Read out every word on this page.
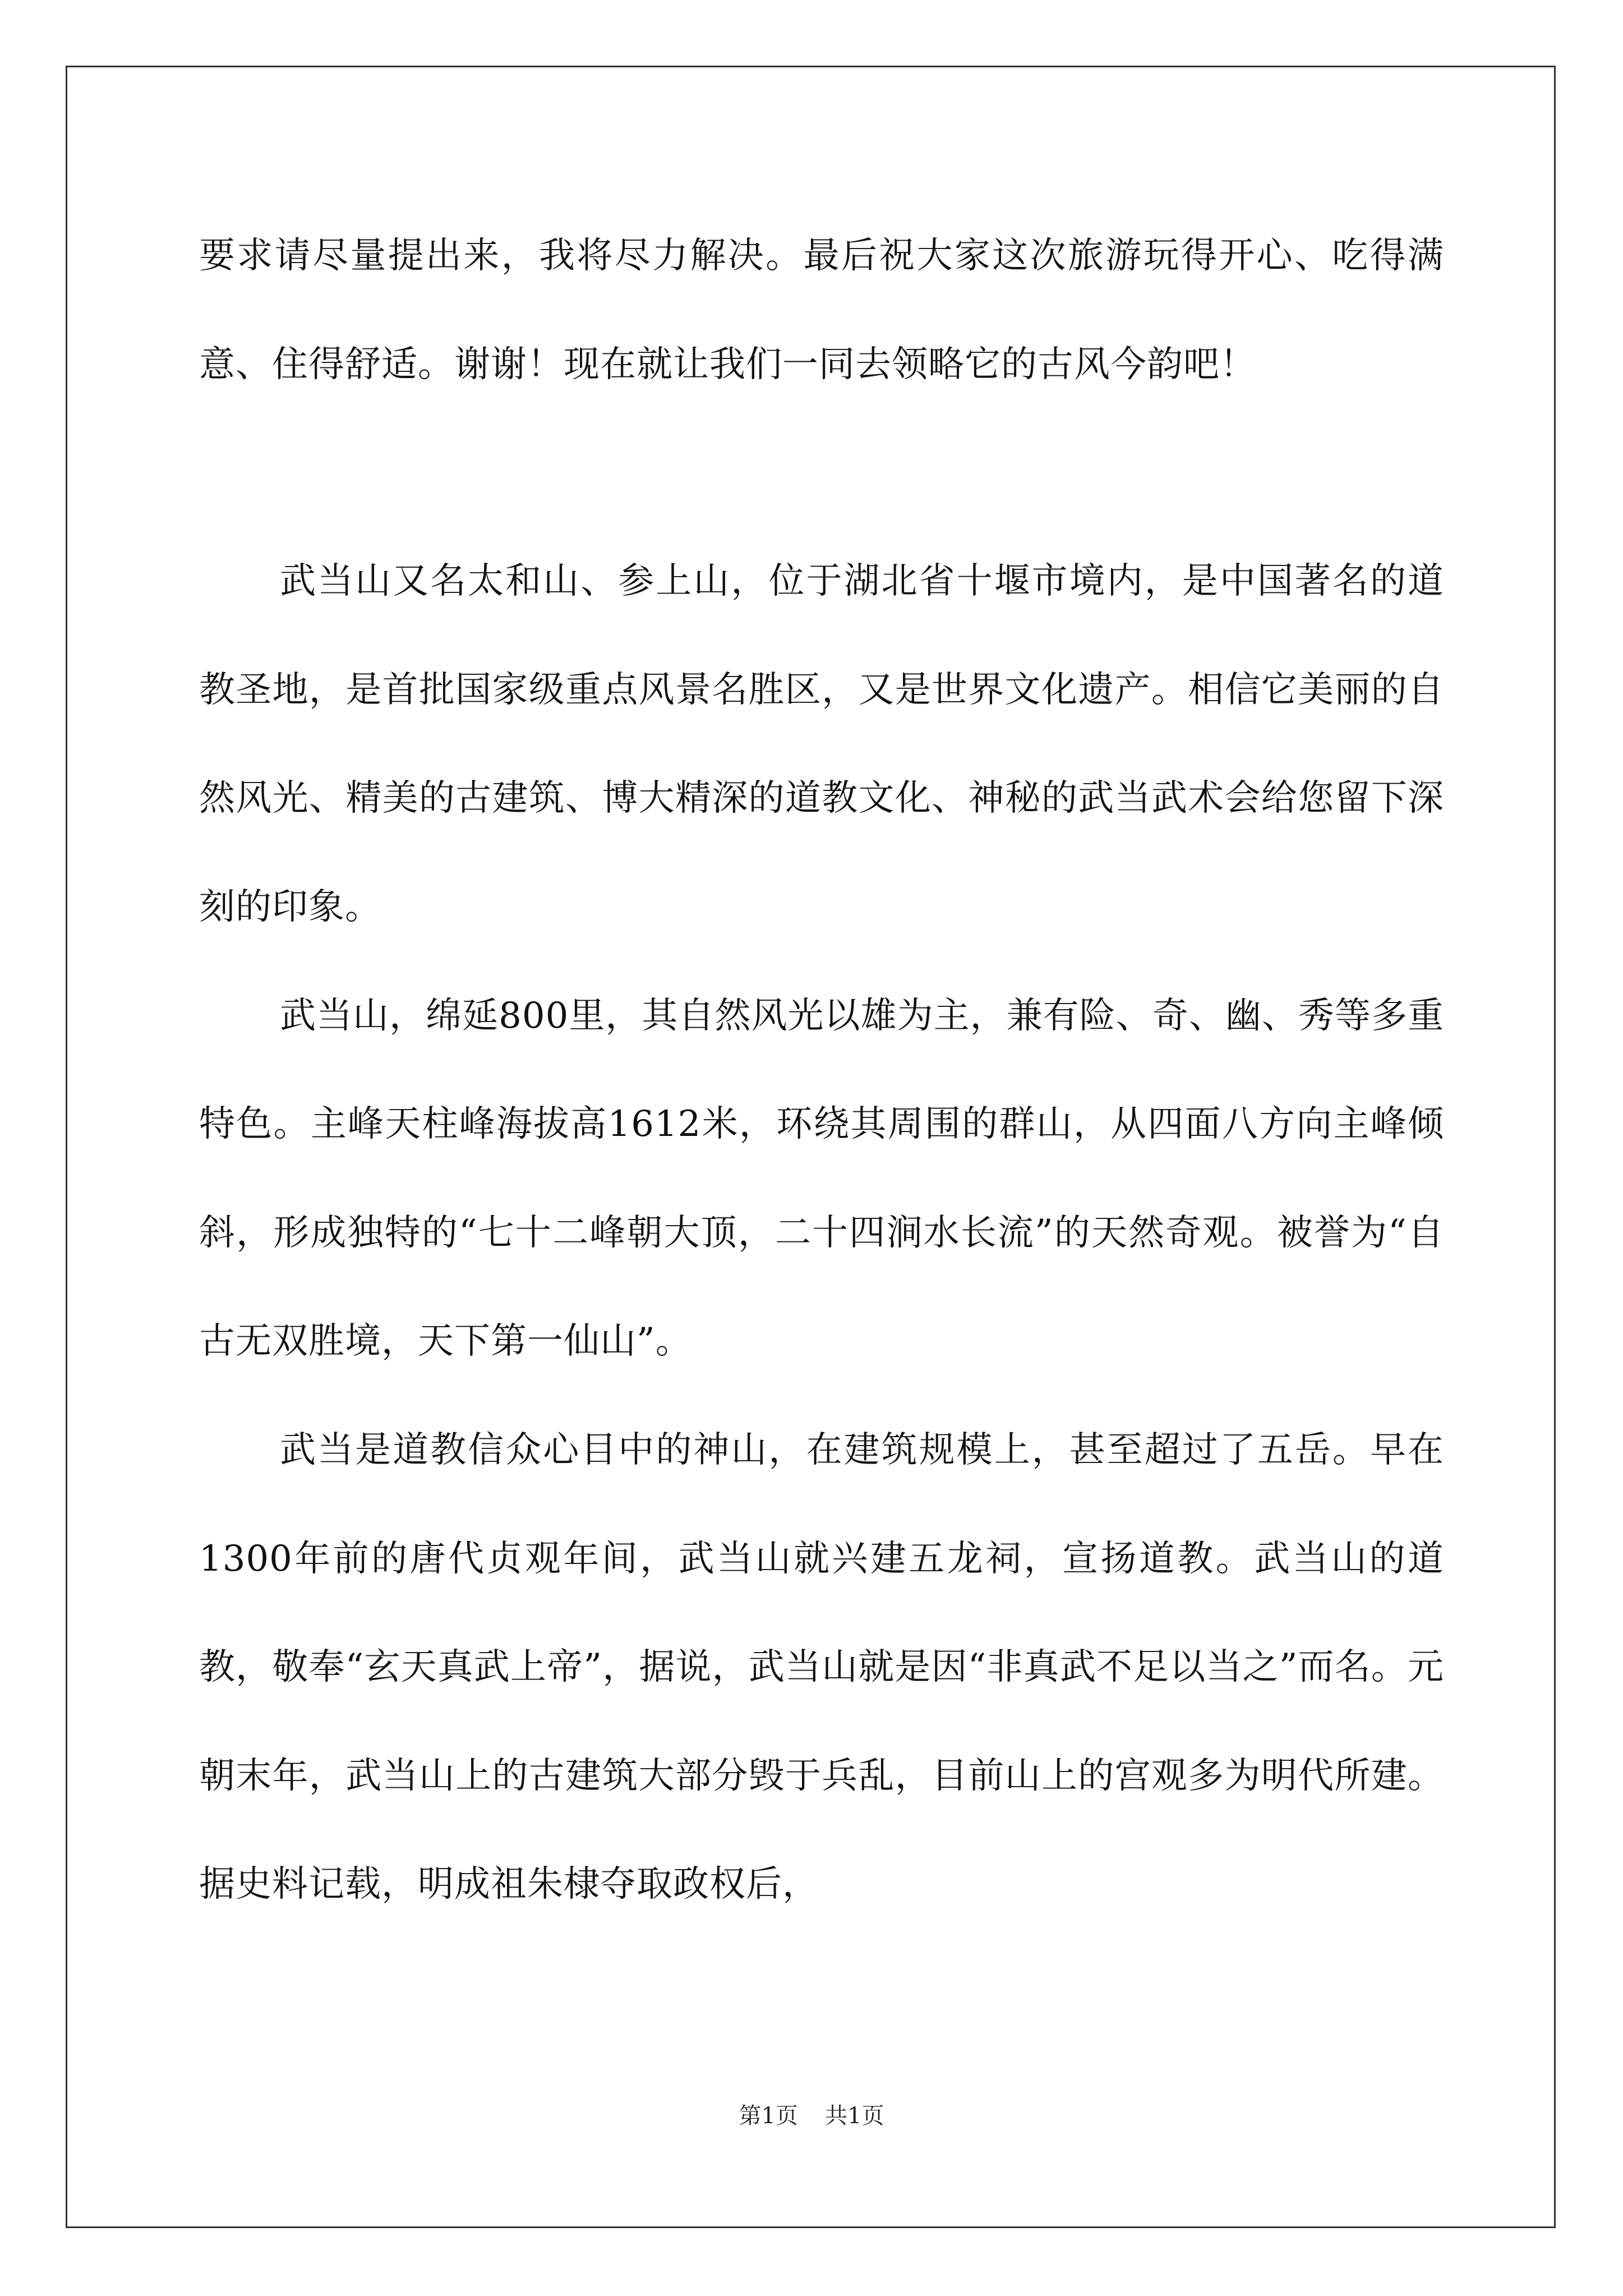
要求请尽量提出来，我将尽力解决。最后祝大家这次旅游玩得开心、吃得满意、住得舒适。谢谢！现在就让我们一同去领略它的古风今韵吧！

武当山又名太和山、参上山，位于湖北省十堰市境内，是中国著名的道教圣地，是首批国家级重点风景名胜区，又是世界文化遗产。相信它美丽的自然风光、精美的古建筑、博大精深的道教文化、神秘的武当武术会给您留下深刻的印象。

武当山，绵延800里，其自然风光以雄为主，兼有险、奇、幽、秀等多重特色。主峰天柱峰海拔高1612米，环绕其周围的群山，从四面八方向主峰倾斜，形成独特的“七十二峰朝大顶，二十四涧水长流”的天然奇观。被誉为“自古无双胜境，天下第一仙山”。

武当是道教信众心目中的神山，在建筑规模上，甚至超过了五岳。早在1300年前的唐代贞观年间，武当山就兴建五龙祠，宣扬道教。武当山的道教，敬奉“玄天真武上帝”，据说，武当山就是因“非真武不足以当之”而名。元朝末年，武当山上的古建筑大部分毁于兵乱，目前山上的宫观多为明代所建。据史料记载，明成祖朱棣夺取政权后，

第1页 共1页
